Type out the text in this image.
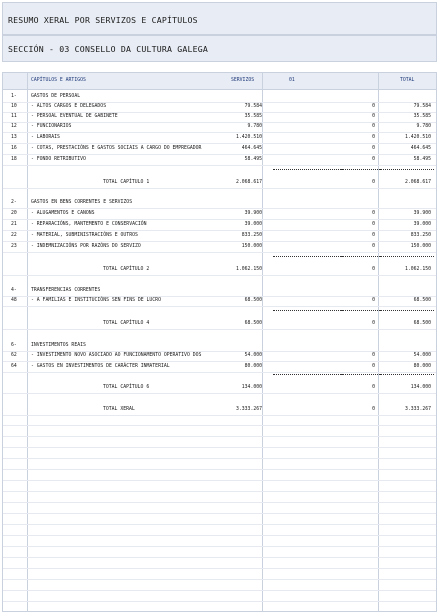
RESUMO XERAL POR SERVIZOS E CAPÍTULOS
SECCIÓN - 03 CONSELLO DA CULTURA GALEGA
CAPÍTULOS E ARTIGOS	SERVIZOS	01	TOTAL
1-	GASTOS DE PERSOAL
10	- ALTOS CARGOS E DELEGADOS	79.584	0	79.584
11	- PERSOAL EVENTUAL DE GABINETE	35.585	0	35.585
12	- FUNCIONARIOS	9.780	0	9.780
13	- LABORAIS	1.420.510	0	1.420.510
16	- COTAS, PRESTACIÓNS E GASTOS SOCIAIS A CARGO DO EMPREGADOR	464.645	0	464.645
18	- FONDO RETRIBUTIVO	58.495	0	58.495
TOTAL CAPÍTULO 1	2.068.617	0	2.068.617
2-	GASTOS EN BENS CORRENTES E SERVIZOS
20	- ALUGAMENTOS E CANONS	39.900	0	39.900
21	- REPARACIÓNS, MANTEMENTO E CONSERVACIÓN	39.000	0	39.000
22	- MATERIAL, SUBMINISTRACIÓNS E OUTROS	833.250	0	833.250
23	- INDEMNIZACIÓNS POR RAZÓNS DO SERVIZO	150.000	0	150.000
TOTAL CAPÍTULO 2	1.062.150	0	1.062.150
4-	TRANSFERENCIAS CORRENTES
48	- A FAMILIAS E INSTITUCIÓNS SEN FINS DE LUCRO	68.500	0	68.500
TOTAL CAPÍTULO 4	68.500	0	68.500
6-	INVESTIMENTOS REAIS
62	- INVESTIMENTO NOVO ASOCIADO AO FUNCIONAMENTO OPERATIVO DOS	54.000	0	54.000
64	- GASTOS EN INVESTIMENTOS DE CARÁCTER INMATERIAL	80.000	0	80.000
TOTAL CAPÍTULO 6	134.000	0	134.000
TOTAL XERAL	3.333.267	0	3.333.267
